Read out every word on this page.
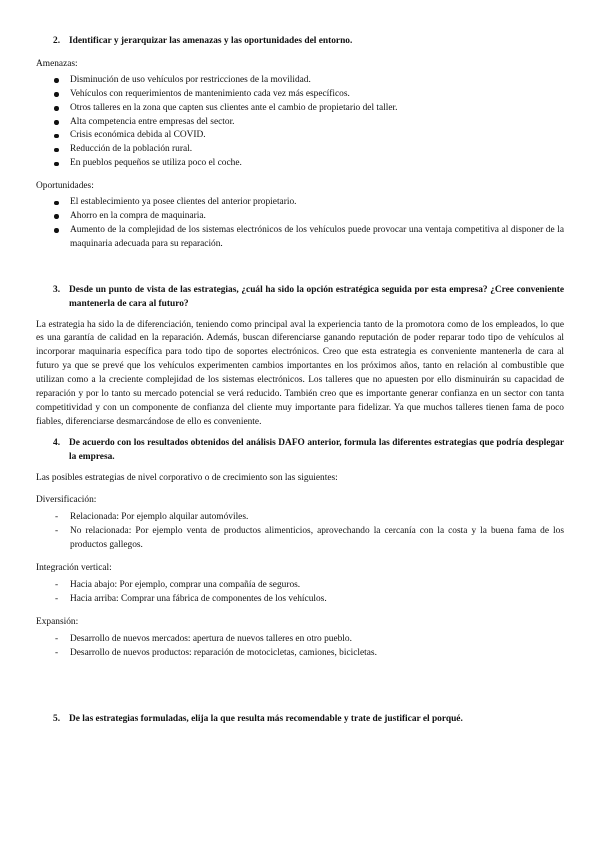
2. Identificar y jerarquizar las amenazas y las oportunidades del entorno.

Amenazas:

Disminución de uso vehículos por restricciones de la movilidad.
Vehículos con requerimientos de mantenimiento cada vez más específicos.
Otros talleres en la zona que capten sus clientes ante el cambio de propietario del taller.
Alta competencia entre empresas del sector.
Crisis económica debida al COVID.
Reducción de la población rural.
En pueblos pequeños se utiliza poco el coche.

Oportunidades:

El establecimiento ya posee clientes del anterior propietario.
Ahorro en la compra de maquinaria.
Aumento de la complejidad de los sistemas electrónicos de los vehículos puede provocar una ventaja competitiva al disponer de la maquinaria adecuada para su reparación.
3. Desde un punto de vista de las estrategias, ¿cuál ha sido la opción estratégica seguida por esta empresa? ¿Cree conveniente mantenerla de cara al futuro?

La estrategia ha sido la de diferenciación, teniendo como principal aval la experiencia tanto de la promotora como de los empleados, lo que es una garantía de calidad en la reparación. Además, buscan diferenciarse ganando reputación de poder reparar todo tipo de vehículos al incorporar maquinaria específica para todo tipo de soportes electrónicos. Creo que esta estrategia es conveniente mantenerla de cara al futuro ya que se prevé que los vehículos experimenten cambios importantes en los próximos años, tanto en relación al combustible que utilizan como a la creciente complejidad de los sistemas electrónicos. Los talleres que no apuesten por ello disminuirán su capacidad de reparación y por lo tanto su mercado potencial se verá reducido. También creo que es importante generar confianza en un sector con tanta competitividad y con un componente de confianza del cliente muy importante para fidelizar. Ya que muchos talleres tienen fama de poco fiables, diferenciarse desmarcándose de ello es conveniente.

4. De acuerdo con los resultados obtenidos del análisis DAFO anterior, formula las diferentes estrategias que podría desplegar la empresa.

Las posibles estrategias de nivel corporativo o de crecimiento son las siguientes:

Diversificación:

- Relacionada: Por ejemplo alquilar automóviles.
- No relacionada: Por ejemplo venta de productos alimenticios, aprovechando la cercanía con la costa y la buena fama de los productos gallegos.

Integración vertical:

- Hacia abajo: Por ejemplo, comprar una compañía de seguros.
- Hacia arriba: Comprar una fábrica de componentes de los vehículos.

Expansión:

- Desarrollo de nuevos mercados: apertura de nuevos talleres en otro pueblo.
- Desarrollo de nuevos productos: reparación de motocicletas, camiones, bicicletas.
5. De las estrategias formuladas, elija la que resulta más recomendable y trate de justificar el porqué.
